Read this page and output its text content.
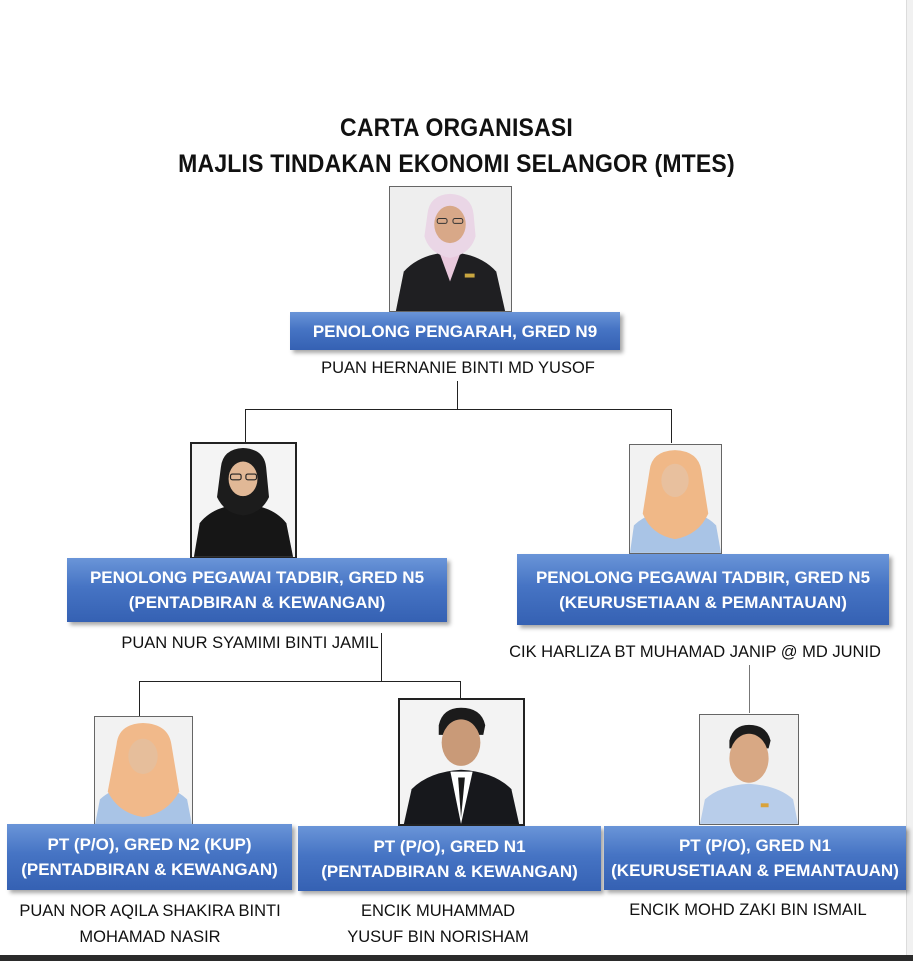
CARTA ORGANISASI
MAJLIS TINDAKAN EKONOMI SELANGOR (MTES)
PENOLONG PENGARAH, GRED N9
PUAN HERNANIE BINTI MD YUSOF
PENOLONG PEGAWAI TADBIR, GRED N5
(PENTADBIRAN & KEWANGAN)
PUAN NUR SYAMIMI BINTI JAMIL
PENOLONG PEGAWAI TADBIR, GRED N5
(KEURUSETIAAN & PEMANTAUAN)
CIK HARLIZA BT MUHAMAD JANIP @ MD JUNID
PT (P/O), GRED N2 (KUP)
(PENTADBIRAN & KEWANGAN)
PUAN NOR AQILA SHAKIRA BINTI
MOHAMAD NASIR
PT (P/O), GRED N1
(PENTADBIRAN & KEWANGAN)
ENCIK MUHAMMAD
YUSUF BIN NORISHAM
PT (P/O), GRED N1
(KEURUSETIAAN & PEMANTAUAN)
ENCIK MOHD ZAKI BIN ISMAIL
